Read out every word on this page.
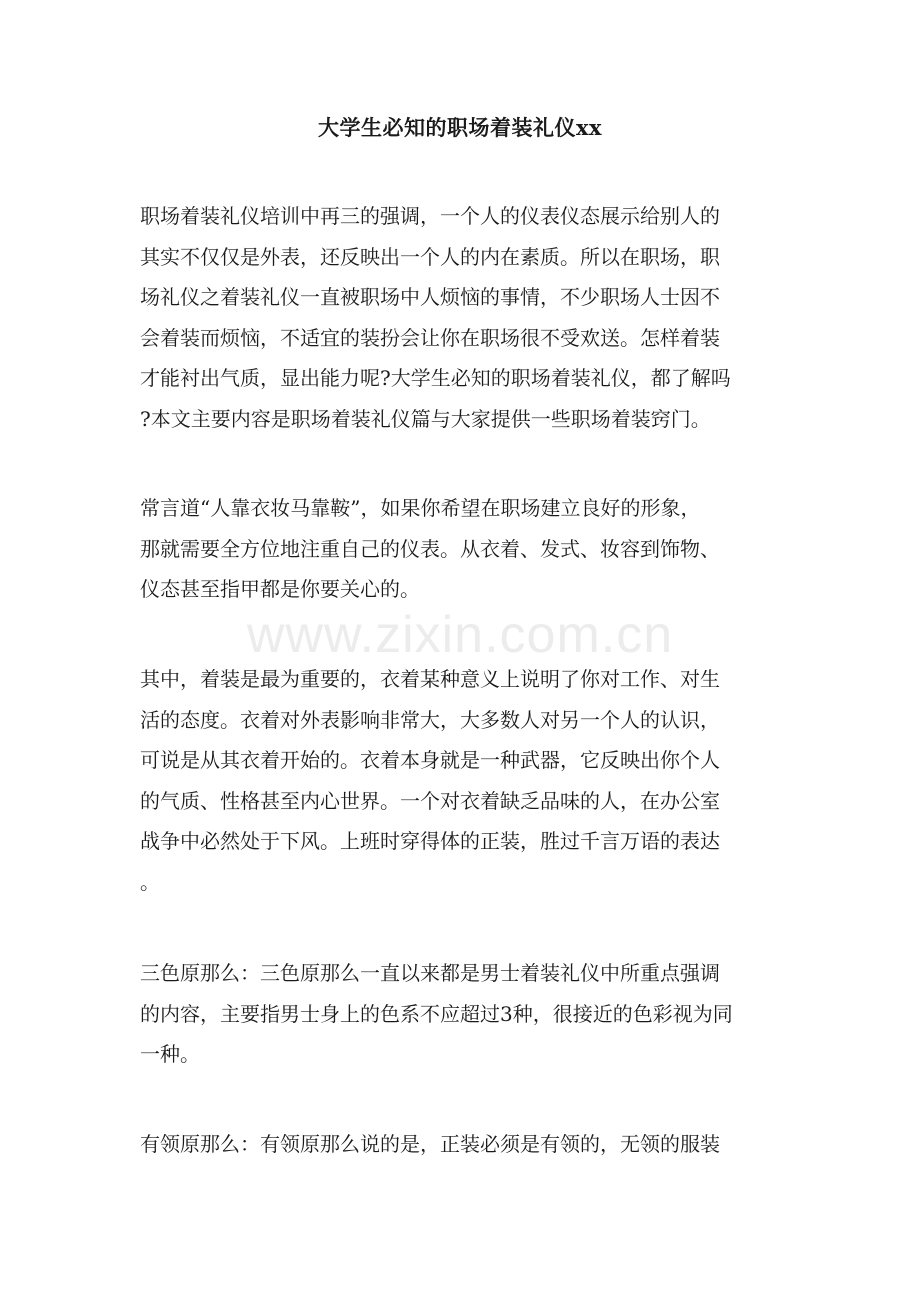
www.zixin.com.cn
大学生必知的职场着装礼仪xx
职场着装礼仪培训中再三的强调，一个人的仪表仪态展示给别人的
其实不仅仅是外表，还反映出一个人的内在素质。所以在职场，职
场礼仪之着装礼仪一直被职场中人烦恼的事情，不少职场人士因不
会着装而烦恼，不适宜的装扮会让你在职场很不受欢送。怎样着装
才能衬出气质，显出能力呢?大学生必知的职场着装礼仪，都了解吗
?本文主要内容是职场着装礼仪篇与大家提供一些职场着装窍门。
常言道“人靠衣妆马靠鞍”，如果你希望在职场建立良好的形象，
那就需要全方位地注重自己的仪表。从衣着、发式、妆容到饰物、
仪态甚至指甲都是你要关心的。
其中，着装是最为重要的，衣着某种意义上说明了你对工作、对生
活的态度。衣着对外表影响非常大，大多数人对另一个人的认识，
可说是从其衣着开始的。衣着本身就是一种武器，它反映出你个人
的气质、性格甚至内心世界。一个对衣着缺乏品味的人，在办公室
战争中必然处于下风。上班时穿得体的正装，胜过千言万语的表达
。
三色原那么：三色原那么一直以来都是男士着装礼仪中所重点强调
的内容，主要指男士身上的色系不应超过3种，很接近的色彩视为同
一种。
有领原那么：有领原那么说的是，正装必须是有领的，无领的服装
